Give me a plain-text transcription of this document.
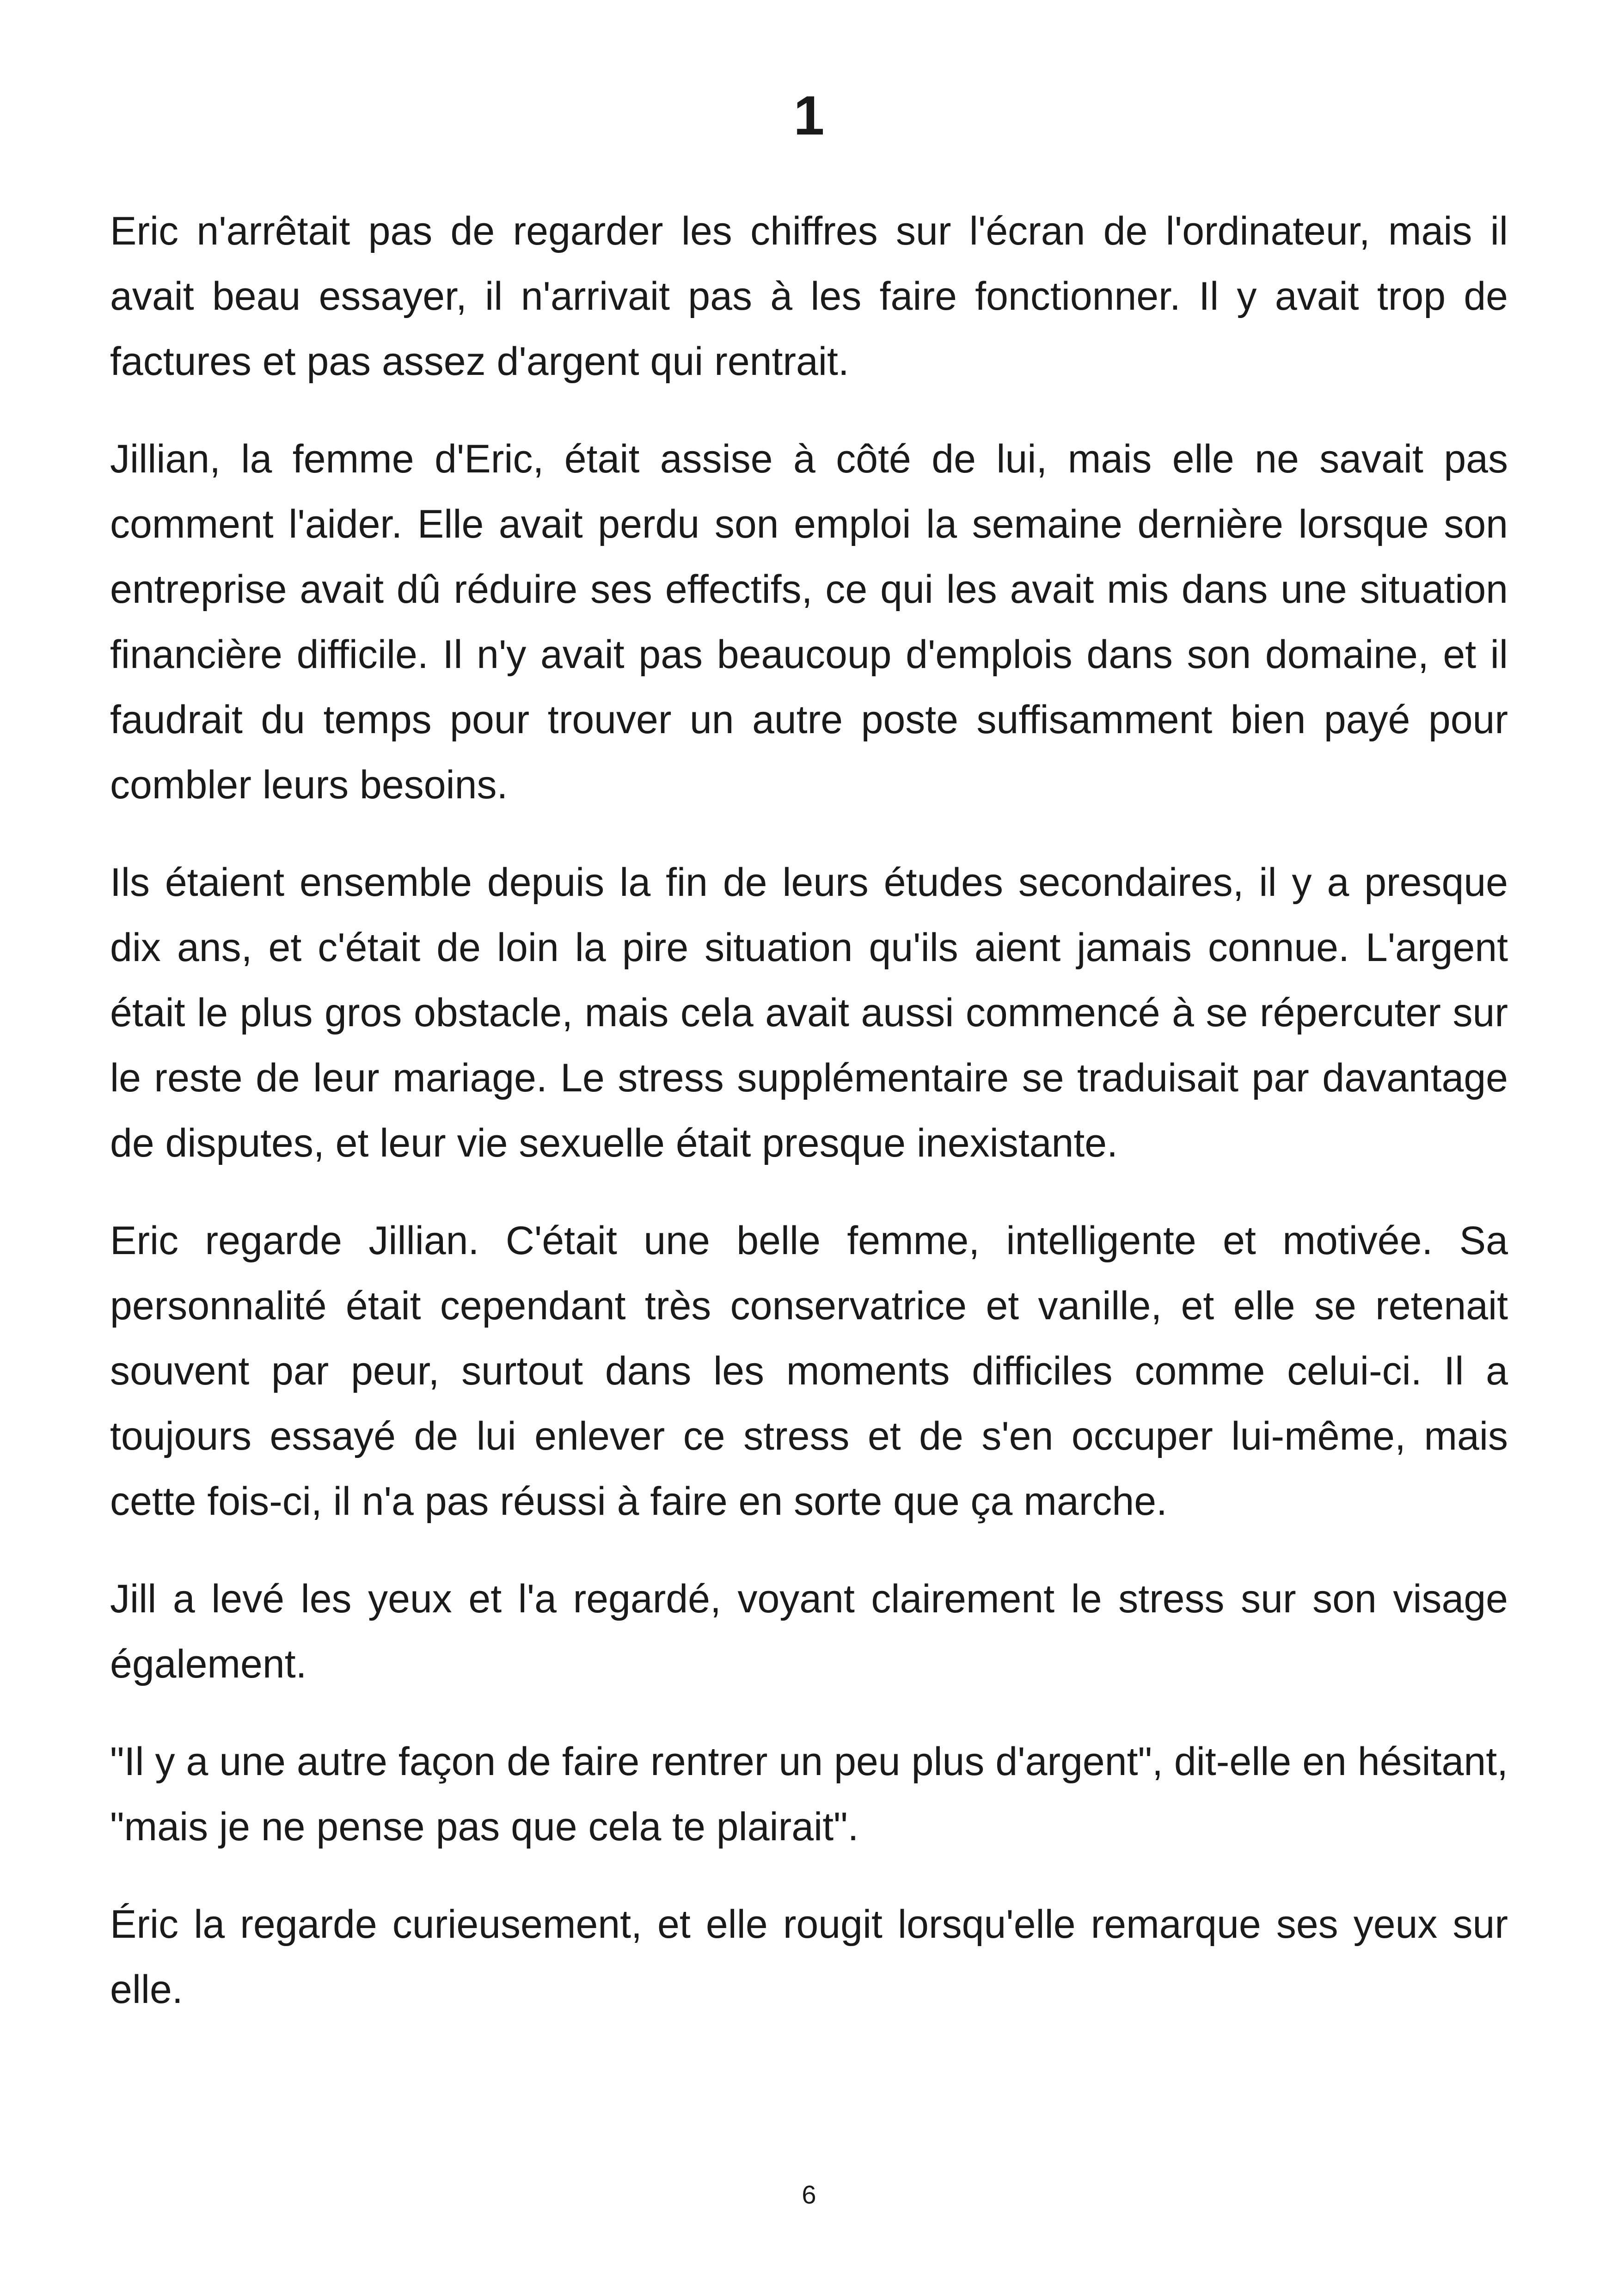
1

Eric n'arrêtait pas de regarder les chiffres sur l'écran de l'ordinateur, mais il avait beau essayer, il n'arrivait pas à les faire fonctionner. Il y avait trop de factures et pas assez d'argent qui rentrait.

Jillian, la femme d'Eric, était assise à côté de lui, mais elle ne savait pas comment l'aider. Elle avait perdu son emploi la semaine dernière lorsque son entreprise avait dû réduire ses effectifs, ce qui les avait mis dans une situation financière difficile. Il n'y avait pas beaucoup d'emplois dans son domaine, et il faudrait du temps pour trouver un autre poste suffisamment bien payé pour combler leurs besoins.

Ils étaient ensemble depuis la fin de leurs études secondaires, il y a presque dix ans, et c'était de loin la pire situation qu'ils aient jamais connue. L'argent était le plus gros obstacle, mais cela avait aussi commencé à se répercuter sur le reste de leur mariage. Le stress supplémentaire se traduisait par davantage de disputes, et leur vie sexuelle était presque inexistante.

Eric regarde Jillian. C'était une belle femme, intelligente et motivée. Sa personnalité était cependant très conservatrice et vanille, et elle se retenait souvent par peur, surtout dans les moments difficiles comme celui-ci. Il a toujours essayé de lui enlever ce stress et de s'en occuper lui-même, mais cette fois-ci, il n'a pas réussi à faire en sorte que ça marche.

Jill a levé les yeux et l'a regardé, voyant clairement le stress sur son visage également.

"Il y a une autre façon de faire rentrer un peu plus d'argent", dit-elle en hésitant, "mais je ne pense pas que cela te plairait".

Éric la regarde curieusement, et elle rougit lorsqu'elle remarque ses yeux sur elle.

6
